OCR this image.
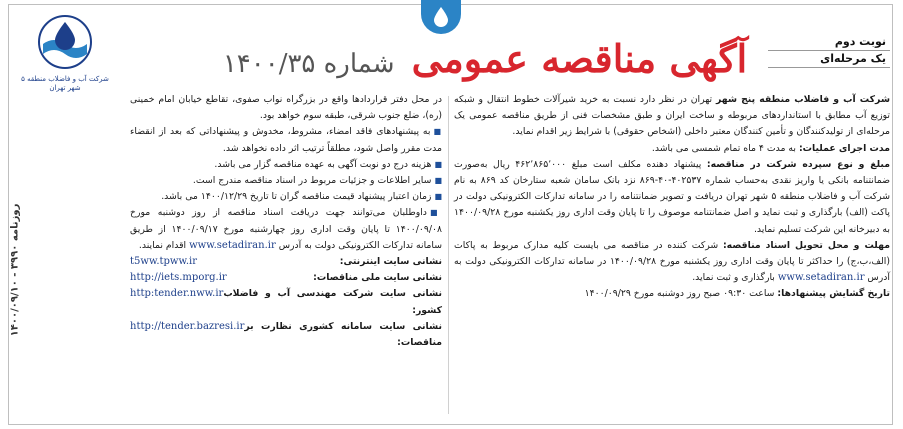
شرکت آب و فاضلاب منطقه ۵ شهر تهران
نوبت دوم
یک مرحله‌ای
آگهی مناقصه عمومی شماره ۱۴۰۰/۳۵
روزنامه ۳۹۹۰ - ۱۴۰۰/۰۹/۱۰

شرکت آب و فاضلاب منطقه پنج شهر تهران در نظر دارد نسبت به خرید شیرآلات خطوط انتقال و شبکه توزیع آب مطابق با استانداردهای مربوطه و ساخت ایران و طبق مشخصات فنی از طریق مناقصه عمومی یک مرحله‌ای از تولیدکنندگان و تأمین کنندگان معتبر داخلی (اشخاص حقوقی) با شرایط زیر اقدام نماید.

مدت اجرای عملیات: به مدت ۴ ماه تمام شمسی می باشد.

مبلغ و نوع سپرده شرکت در مناقصه: پیشنهاد دهنده مکلف است مبلغ ۴۶۲٬۸۶۵٬۰۰۰ ریال به‌صورت ضمانتنامه بانکی یا واریز نقدی به‌حساب شماره ۴۰۲۵۳۷-۴۰-۸۶۹ نزد بانک سامان شعبه ستارخان کد ۸۶۹ به نام شرکت آب و فاضلاب منطقه ۵ شهر تهران دریافت و تصویر ضمانتنامه را در سامانه تدارکات الکترونیکی دولت در پاکت (الف) بارگذاری و ثبت نماید و اصل ضمانتنامه موصوف را تا پایان وقت اداری روز یکشنبه مورخ ۱۴۰۰/۰۹/۲۸ به دبیرخانه این شرکت تسلیم نماید.

مهلت و محل تحویل اسناد مناقصه: شرکت کننده در مناقصه می بایست کلیه مدارک مربوط به پاکات (الف،ب،ج) را حداکثر تا پایان وقت اداری روز یکشنبه مورخ ۱۴۰۰/۰۹/۲۸ در سامانه تدارکات الکترونیکی دولت به آدرس www.setadiran.ir بارگذاری و ثبت نماید.

تاریخ گشایش پیشنهادها: ساعت ۰۹:۳۰ صبح روز دوشنبه مورخ ۱۴۰۰/۰۹/۲۹

در محل دفتر قراردادها واقع در بزرگراه نواب صفوی، تقاطع خیابان امام خمینی (ره)، ضلع جنوب شرقی، طبقه سوم خواهد بود.

■به پیشنهادهای فاقد امضاء، مشروط، مخدوش و پیشنهاداتی که بعد از انقضاء مدت مقرر واصل شود، مطلقاً ترتیب اثر داده نخواهد شد.

■هزینه درج دو نوبت آگهی به عهده مناقصه گزار می باشد.

■سایر اطلاعات و جزئیات مربوط در اسناد مناقصه مندرج است.

■زمان اعتبار پیشنهاد قیمت مناقصه گران تا تاریخ ۱۴۰۰/۱۲/۲۹ می باشد.

■داوطلبان می‌توانند جهت دریافت اسناد مناقصه از روز دوشنبه مورخ ۱۴۰۰/۰۹/۰۸ تا پایان وقت اداری روز چهارشنبه مورخ ۱۴۰۰/۰۹/۱۷ از طریق سامانه تدارکات الکترونیکی دولت به آدرس www.setadiran.ir اقدام نمایند.

نشانی سایت اینترنتی:
t5ww.tpww.ir
نشانی سایت ملی مناقصات:
http://iets.mporg.ir
نشانی سایت شرکت مهندسی آب و فاضلاب کشور:
http:tender.nww.ir
نشانی سایت سامانه کشوری نظارت بر مناقصات:
http://tender.bazresi.ir
